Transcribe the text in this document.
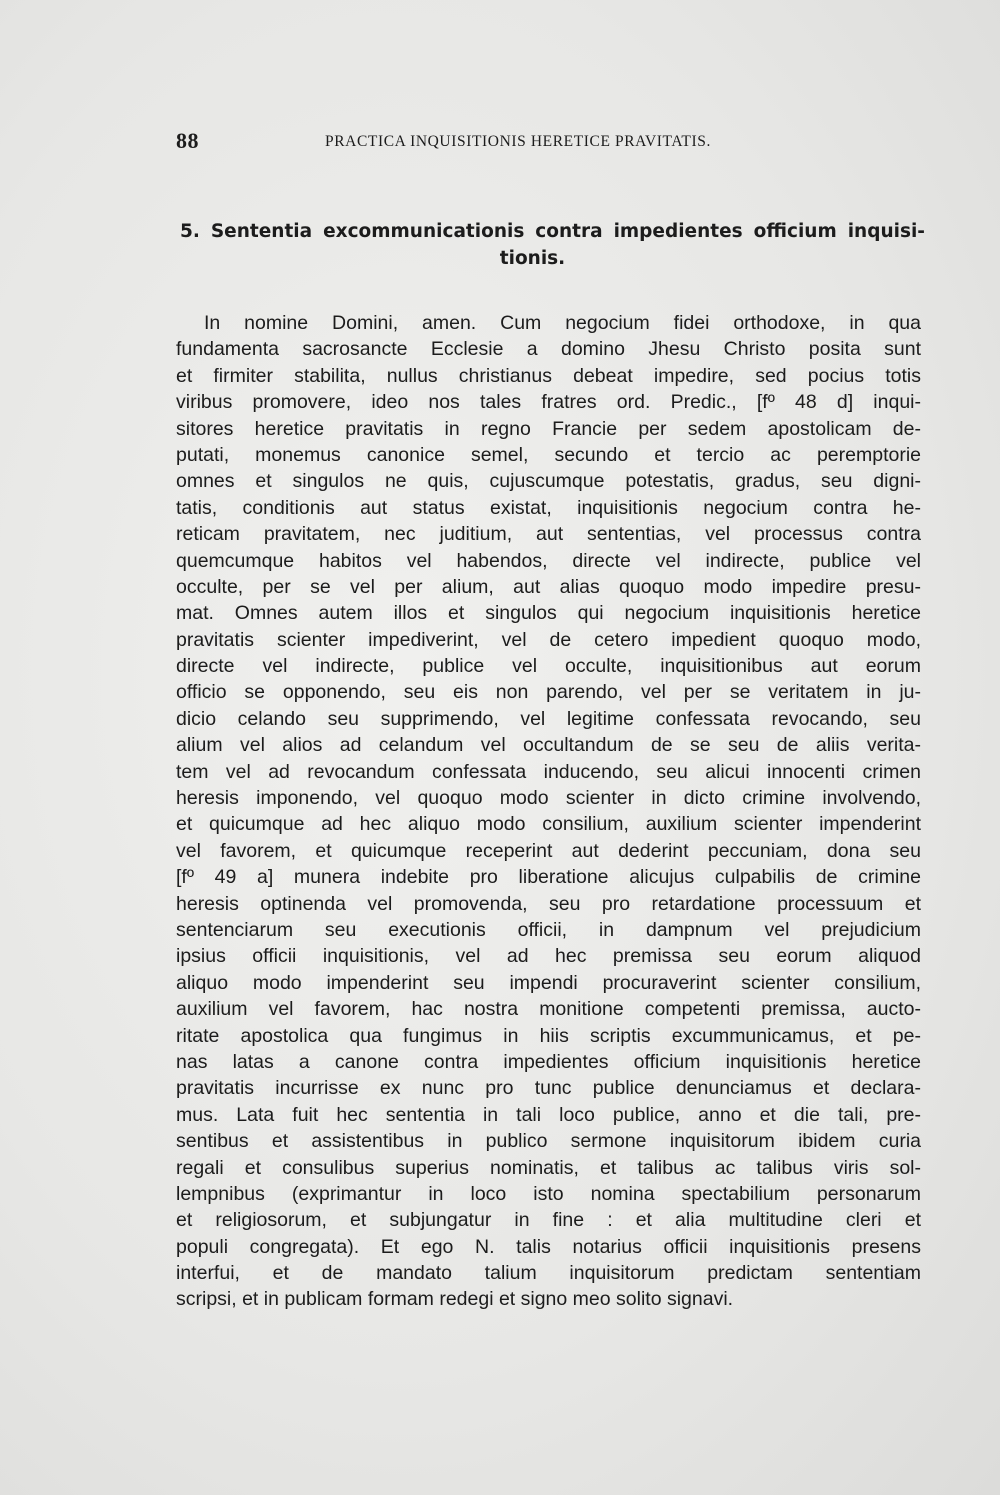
88	PRACTICA INQUISITIONIS HERETICE PRAVITATIS.
5. Sententia excommunicationis contra impedientes officium inquisi-
tionis.
In nomine Domini, amen. Cum negocium fidei orthodoxe, in qua
fundamenta sacrosancte Ecclesie a domino Jhesu Christo posita sunt
et firmiter stabilita, nullus christianus debeat impedire, sed pocius totis
viribus promovere, ideo nos tales fratres ord. Predic., [fº 48 d] inqui-
sitores heretice pravitatis in regno Francie per sedem apostolicam de-
putati, monemus canonice semel, secundo et tercio ac peremptorie
omnes et singulos ne quis, cujuscumque potestatis, gradus, seu digni-
tatis, conditionis aut status existat, inquisitionis negocium contra he-
reticam pravitatem, nec juditium, aut sententias, vel processus contra
quemcumque habitos vel habendos, directe vel indirecte, publice vel
occulte, per se vel per alium, aut alias quoquo modo impedire presu-
mat. Omnes autem illos et singulos qui negocium inquisitionis heretice
pravitatis scienter impediverint, vel de cetero impedient quoquo modo,
directe vel indirecte, publice vel occulte, inquisitionibus aut eorum
officio se opponendo, seu eis non parendo, vel per se veritatem in ju-
dicio celando seu supprimendo, vel legitime confessata revocando, seu
alium vel alios ad celandum vel occultandum de se seu de aliis verita-
tem vel ad revocandum confessata inducendo, seu alicui innocenti crimen
heresis imponendo, vel quoquo modo scienter in dicto crimine involvendo,
et quicumque ad hec aliquo modo consilium, auxilium scienter impenderint
vel favorem, et quicumque receperint aut dederint peccuniam, dona seu
[fº 49 a] munera indebite pro liberatione alicujus culpabilis de crimine
heresis optinenda vel promovenda, seu pro retardatione processuum et
sentenciarum seu executionis officii, in dampnum vel prejudicium
ipsius officii inquisitionis, vel ad hec premissa seu eorum aliquod
aliquo modo impenderint seu impendi procuraverint scienter consilium,
auxilium vel favorem, hac nostra monitione competenti premissa, aucto-
ritate apostolica qua fungimus in hiis scriptis excummunicamus, et pe-
nas latas a canone contra impedientes officium inquisitionis heretice
pravitatis incurrisse ex nunc pro tunc publice denunciamus et declara-
mus. Lata fuit hec sententia in tali loco publice, anno et die tali, pre-
sentibus et assistentibus in publico sermone inquisitorum ibidem curia
regali et consulibus superius nominatis, et talibus ac talibus viris sol-
lempnibus (exprimantur in loco isto nomina spectabilium personarum
et religiosorum, et subjungatur in fine : et alia multitudine cleri et
populi congregata). Et ego N. talis notarius officii inquisitionis presens
interfui, et de mandato talium inquisitorum predictam sententiam
scripsi, et in publicam formam redegi et signo meo solito signavi.
